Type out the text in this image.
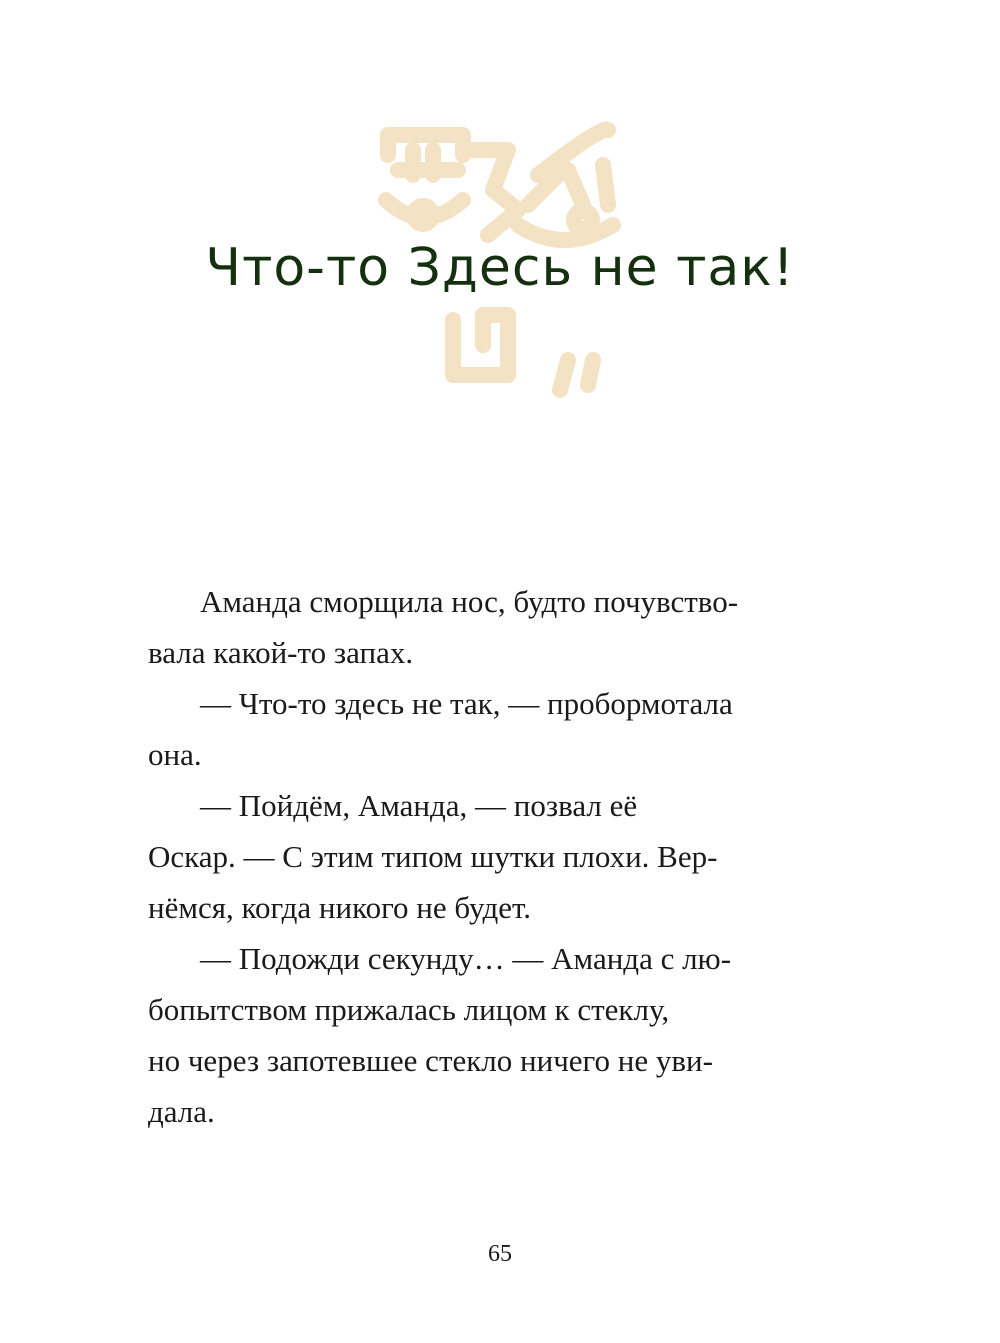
Что-то Здесь не так!
Аманда сморщила нос, будто почувство-
вала какой-то запах.
— Что-то здесь не так, — пробормотала
она.
— Пойдём, Аманда, — позвал её
Оскар. — С этим типом шутки плохи. Вер-
нёмся, когда никого не будет.
— Подожди секунду… — Аманда с лю-
бопытством прижалась лицом к стеклу,
но через запотевшее стекло ничего не уви-
дала.
65
